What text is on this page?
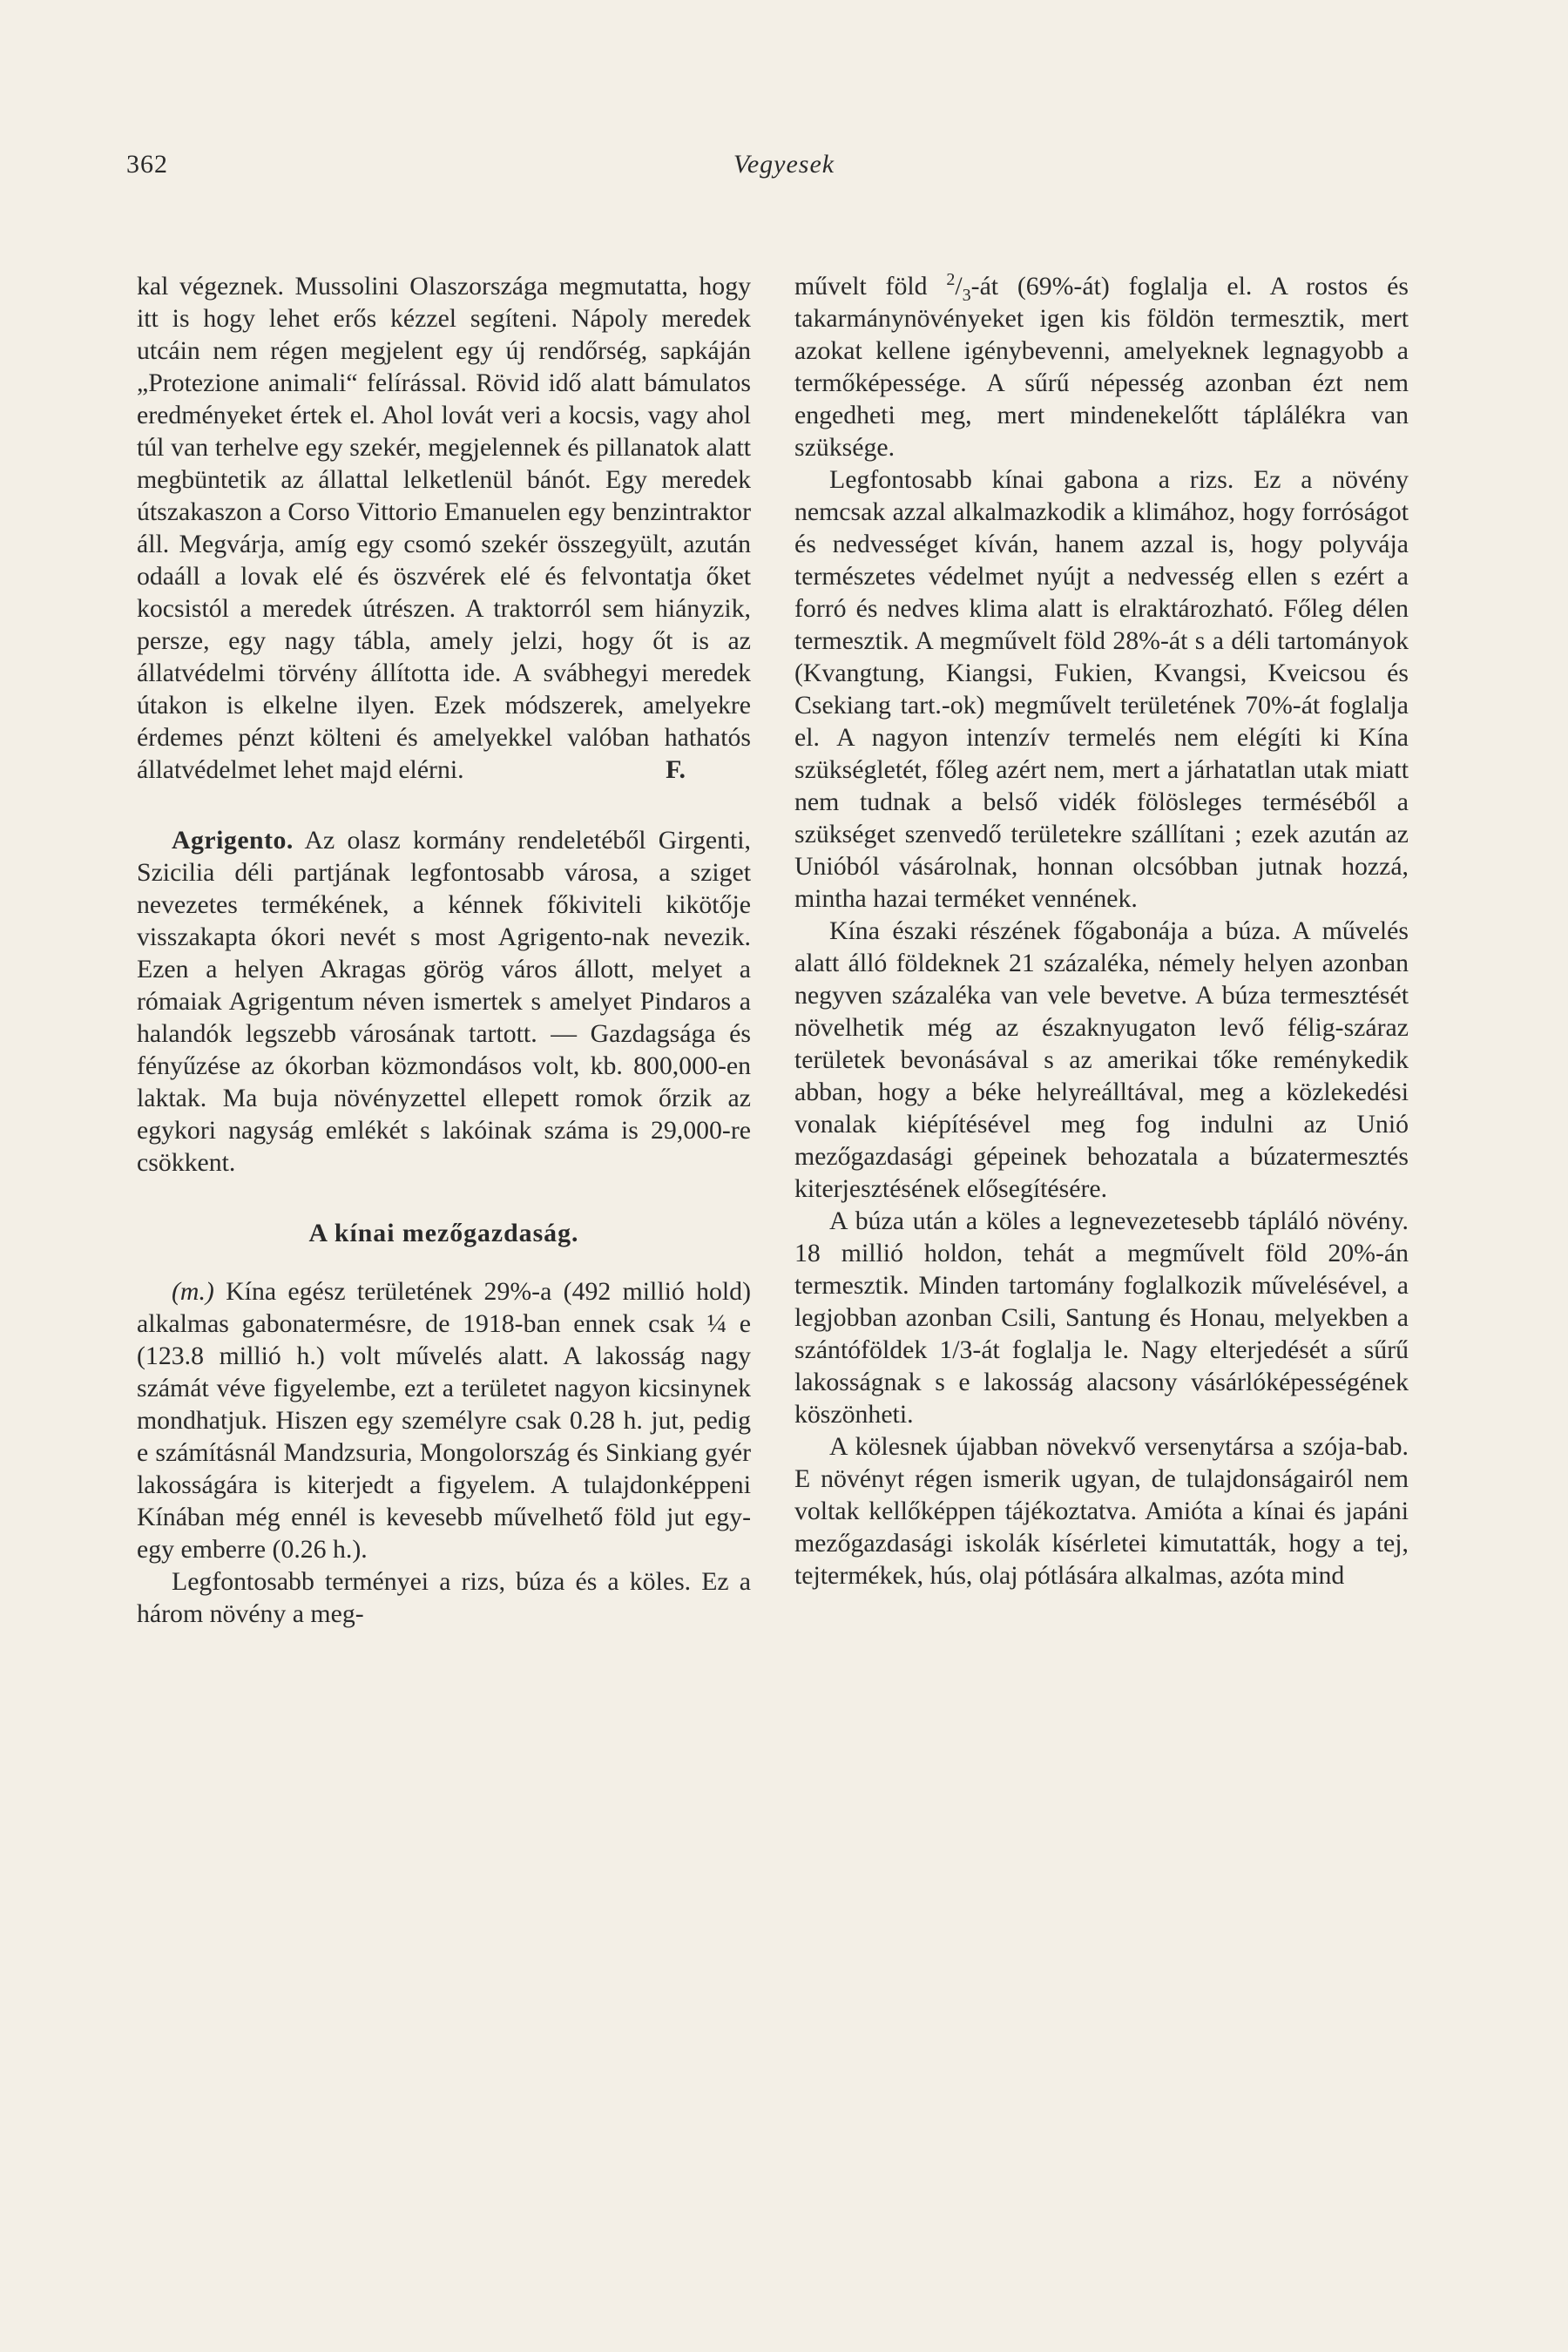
362	Vegyesek

kal végeznek. Mussolini Olaszországa megmutatta, hogy itt is hogy lehet erős kézzel segíteni. Nápoly meredek utcáin nem régen megjelent egy új rendőrség, sapkáján „Protezione animali“ felírással. Rövid idő alatt bámulatos eredményeket értek el. Ahol lovát veri a kocsis, vagy ahol túl van terhelve egy szekér, megjelennek és pillanatok alatt megbüntetik az állattal lelketlenül bánót. Egy meredek útszakaszon a Corso Vittorio Emanuelen egy benzintraktor áll. Megvárja, amíg egy csomó szekér összegyült, azután odaáll a lovak elé és öszvérek elé és felvontatja őket kocsistól a meredek útrészen. A traktorról sem hiányzik, persze, egy nagy tábla, amely jelzi, hogy őt is az állatvédelmi törvény állította ide. A svábhegyi meredek útakon is elkelne ilyen. Ezek módszerek, amelyekre érdemes pénzt költeni és amelyekkel valóban hathatós állatvédelmet lehet majd elérni.	F.

Agrigento. Az olasz kormány rendeletéből Girgenti, Szicilia déli partjának legfontosabb városa, a sziget nevezetes termékének, a kénnek főkiviteli kikötője visszakapta ókori nevét s most Agrigento-nak nevezik. Ezen a helyen Akragas görög város állott, melyet a rómaiak Agrigentum néven ismertek s amelyet Pindaros a halandók legszebb városának tartott. — Gazdagsága és fényűzése az ókorban közmondásos volt, kb. 800,000-en laktak. Ma buja növényzettel ellepett romok őrzik az egykori nagyság emlékét s lakóinak száma is 29,000-re csökkent.

A kínai mezőgazdaság.

(m.) Kína egész területének 29%-a (492 millió hold) alkalmas gabonatermésre, de 1918-ban ennek csak ¼ e (123.8 millió h.) volt művelés alatt. A lakosság nagy számát véve figyelembe, ezt a területet nagyon kicsinynek mondhatjuk. Hiszen egy személyre csak 0.28 h. jut, pedig e számításnál Mandzsuria, Mongolország és Sinkiang gyér lakosságára is kiterjedt a figyelem. A tulajdonképpeni Kínában még ennél is kevesebb művelhető föld jut egy-egy emberre (0.26 h.).

Legfontosabb terményei a rizs, búza és a köles. Ez a három növény a meg-

művelt föld $^2/_3-át$ (69%-át) foglalja el. A rostos és takarmánynövényeket igen kis földön termesztik, mert azokat kellene igénybevenni, amelyeknek legnagyobb a termőképessége. A sűrű népesség azonban ézt nem engedheti meg, mert mindenekelőtt táplálékra van szüksége.

Legfontosabb kínai gabona a rizs. Ez a növény nemcsak azzal alkalmazkodik a klimához, hogy forróságot és nedvességet kíván, hanem azzal is, hogy polyvája természetes védelmet nyújt a nedvesség ellen s ezért a forró és nedves klima alatt is elraktározható. Főleg délen termesztik. A megművelt föld 28%-át s a déli tartományok (Kvangtung, Kiangsi, Fukien, Kvangsi, Kveicsou és Csekiang tart.-ok) megművelt területének 70%-át foglalja el. A nagyon intenzív termelés nem elégíti ki Kína szükségletét, főleg azért nem, mert a járhatatlan utak miatt nem tudnak a belső vidék fölösleges terméséből a szükséget szenvedő területekre szállítani ; ezek azután az Unióból vásárolnak, honnan olcsóbban jutnak hozzá, mintha hazai terméket vennének.

Kína északi részének főgabonája a búza. A művelés alatt álló földeknek 21 százaléka, némely helyen azonban negyven százaléka van vele bevetve. A búza termesztését növelhetik még az északnyugaton levő félig-száraz területek bevonásával s az amerikai tőke reménykedik abban, hogy a béke helyreálltával, meg a közlekedési vonalak kiépítésével meg fog indulni az Unió mezőgazdasági gépeinek behozatala a búzatermesztés kiterjesztésének elősegítésére.

A búza után a köles a legnevezetesebb tápláló növény. 18 millió holdon, tehát a megművelt föld 20%-án termesztik. Minden tartomány foglalkozik művelésével, a legjobban azonban Csili, Santung és Honau, melyekben a szántóföldek 1/3-át foglalja le. Nagy elterjedését a sűrű lakosságnak s e lakosság alacsony vásárlóképességének köszönheti.

A kölesnek újabban növekvő versenytársa a szója-bab. E növényt régen ismerik ugyan, de tulajdonságairól nem voltak kellőképpen tájékoztatva. Amióta a kínai és japáni mezőgazdasági iskolák kísérletei kimutatták, hogy a tej, tejtermékek, hús, olaj pótlására alkalmas, azóta mind
